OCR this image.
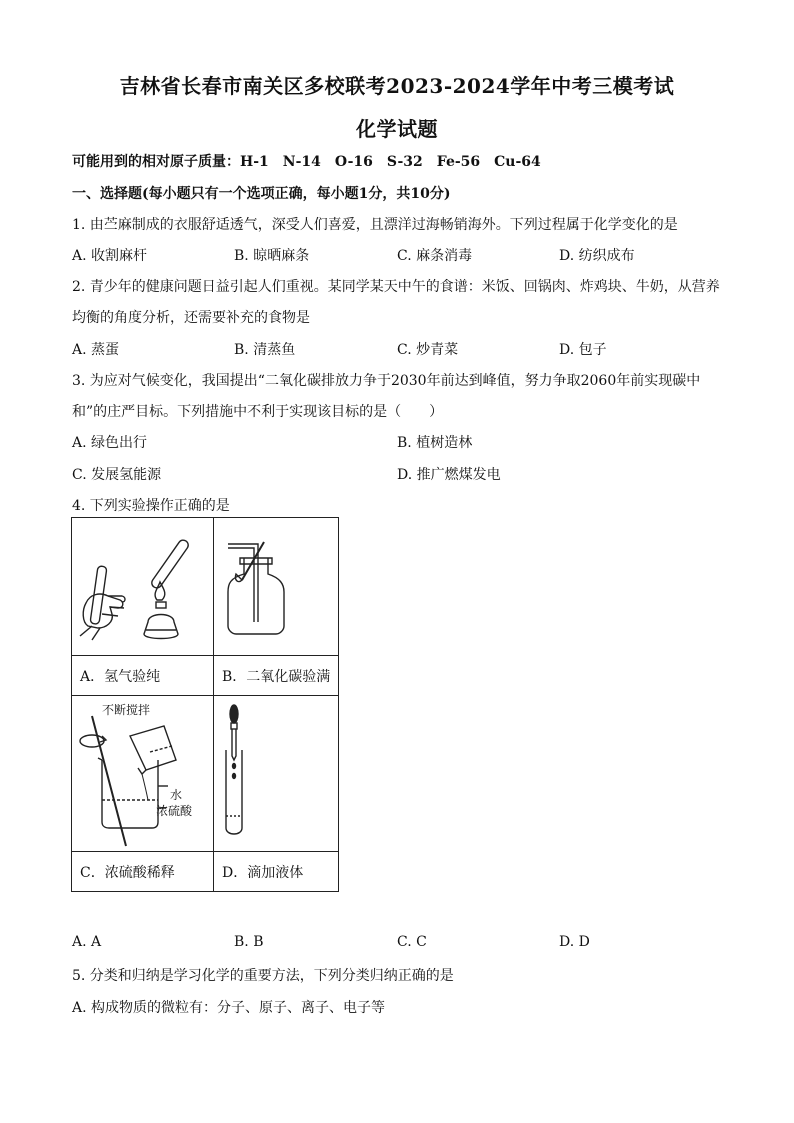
吉林省长春市南关区多校联考2023-2024学年中考三模考试
化学试题
可能用到的相对原子质量：H-1　N-14　O-16　S-32　Fe-56　Cu-64
一、选择题(每小题只有一个选项正确，每小题1分，共10分)
1. 由苎麻制成的衣服舒适透气，深受人们喜爱，且漂洋过海畅销海外。下列过程属于化学变化的是
A. 收割麻杆	B. 晾晒麻条	C. 麻条消毒	D. 纺织成布
2. 青少年的健康问题日益引起人们重视。某同学某天中午的食谱：米饭、回锅肉、炸鸡块、牛奶，从营养
均衡的角度分析，还需要补充的食物是
A. 蒸蛋	B. 清蒸鱼	C. 炒青菜	D. 包子
3. 为应对气候变化，我国提出“二氧化碳排放力争于2030年前达到峰值，努力争取2060年前实现碳中
和”的庄严目标。下列措施中不利于实现该目标的是（　　）
A. 绿色出行	B. 植树造林
C. 发展氢能源	D. 推广燃煤发电
4. 下列实验操作正确的是

A．氢气验纯	B．二氧化碳验满

不断搅拌
水
浓硫酸

C．浓硫酸稀释	D．滴加液体
A. A	B. B	C. C	D. D
5. 分类和归纳是学习化学的重要方法，下列分类归纳正确的是
A. 构成物质的微粒有：分子、原子、离子、电子等
